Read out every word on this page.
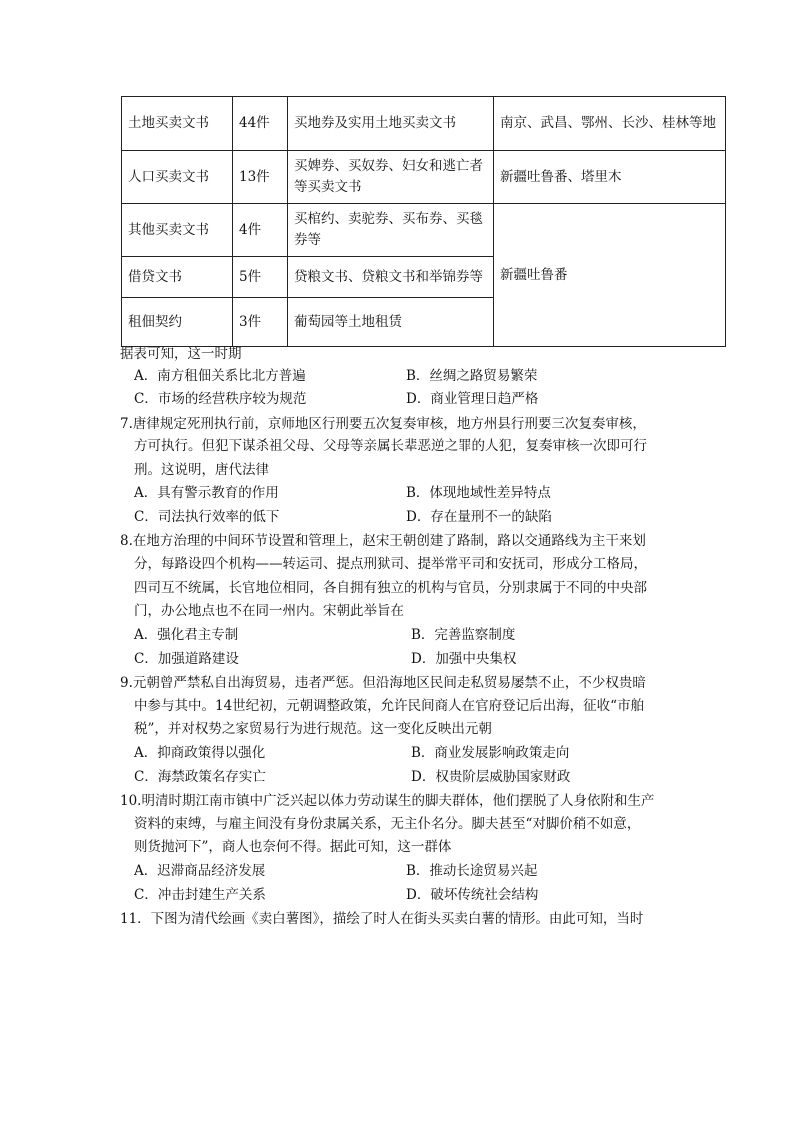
土地买卖文书	44件	买地券及实用土地买卖文书	南京、武昌、鄂州、长沙、桂林等地
人口买卖文书	13件	买婢券、买奴券、妇女和逃亡者等买卖文书	新疆吐鲁番、塔里木
其他买卖文书	4件	买棺约、卖驼券、买布券、买毯券等	新疆吐鲁番
借贷文书	5件	贷粮文书、贷粮文书和举锦券等	
租佃契约	3件	葡萄园等土地租赁	
据表可知，这一时期
A．南方租佃关系比北方普遍	B．丝绸之路贸易繁荣
C．市场的经营秩序较为规范	D．商业管理日趋严格
7.唐律规定死刑执行前，京师地区行刑要五次复奏审核，地方州县行刑要三次复奏审核，
方可执行。但犯下谋杀祖父母、父母等亲属长辈恶逆之罪的人犯，复奏审核一次即可行
刑。这说明，唐代法律
A．具有警示教育的作用	B．体现地域性差异特点
C．司法执行效率的低下	D．存在量刑不一的缺陷
8.在地方治理的中间环节设置和管理上，赵宋王朝创建了路制，路以交通路线为主干来划
分，每路设四个机构——转运司、提点刑狱司、提举常平司和安抚司，形成分工格局，
四司互不统属，长官地位相同，各自拥有独立的机构与官员，分别隶属于不同的中央部
门，办公地点也不在同一州内。宋朝此举旨在
A．强化君主专制	B．完善监察制度
C．加强道路建设	D．加强中央集权
9.元朝曾严禁私自出海贸易，违者严惩。但沿海地区民间走私贸易屡禁不止，不少权贵暗
中参与其中。14世纪初，元朝调整政策，允许民间商人在官府登记后出海，征收“市舶
税”，并对权势之家贸易行为进行规范。这一变化反映出元朝
A．抑商政策得以强化	B．商业发展影响政策走向
C．海禁政策名存实亡	D．权贵阶层威胁国家财政
10.明清时期江南市镇中广泛兴起以体力劳动谋生的脚夫群体，他们摆脱了人身依附和生产
资料的束缚，与雇主间没有身份隶属关系，无主仆名分。脚夫甚至“对脚价稍不如意，
则货抛河下”，商人也奈何不得。据此可知，这一群体
A．迟滞商品经济发展	B．推动长途贸易兴起
C．冲击封建生产关系	D．破坏传统社会结构
11．下图为清代绘画《卖白薯图》，描绘了时人在街头买卖白薯的情形。由此可知，当时
